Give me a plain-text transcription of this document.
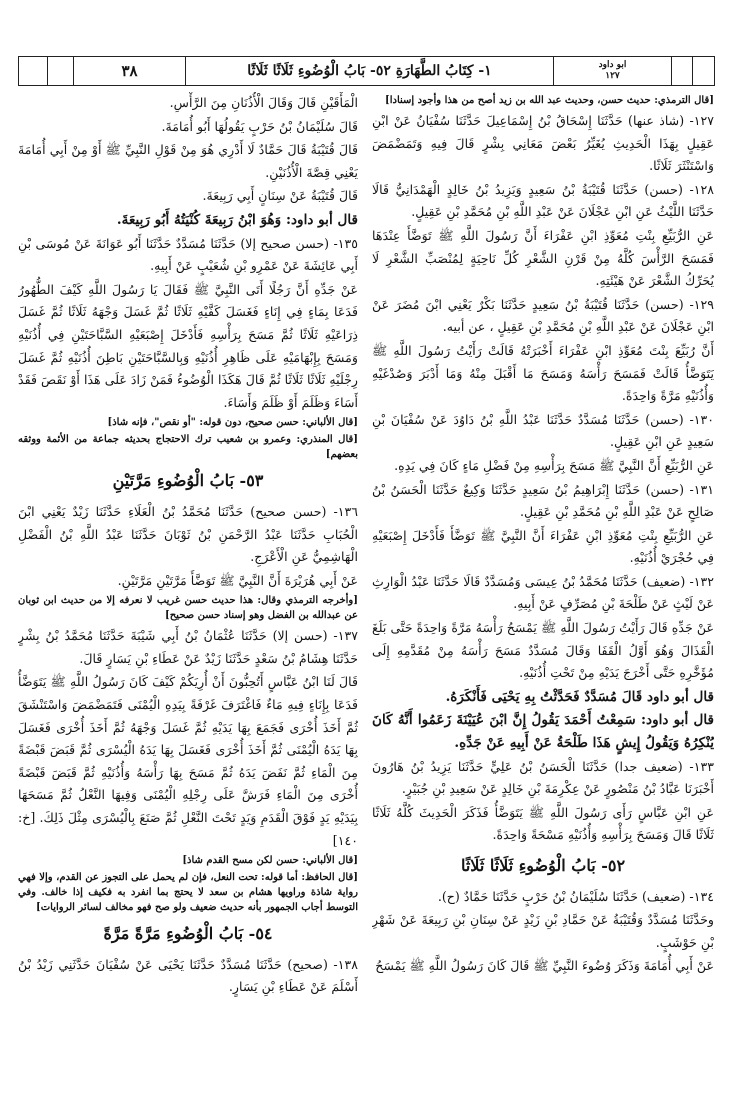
٣٨	١- كِتَابُ الطَّهَارَةِ ٥٢- بَابُ الْوُضُوءِ ثَلَاثًا ثَلَاثًا	ابو داود
١٢٧
[قال الترمذي: حديث حسن، وحديث عبد الله بن زيد أصح من هذا وأجود إسنادا]
١٢٧- (شاذ عنها) حَدَّثَنَا إِسْحَاقُ بْنُ إِسْمَاعِيلَ حَدَّثَنَا سُفْيَانُ عَنْ ابْنِ عَقِيلٍ بِهَذَا الْحَدِيثِ يُغَيِّرُ بَعْضَ مَعَانِي بِشْرٍ قَالَ فِيهِ وَتَمَضْمَضَ وَاسْتَنْثَرَ ثَلَاثًا.
١٢٨- (حسن) حَدَّثَنَا قُتَيْبَةُ بْنُ سَعِيدٍ وَيَزِيدُ بْنُ خَالِدٍ الْهَمْدَانِيُّ قَالَا حَدَّثَنَا اللَّيْثُ عَنِ ابْنِ عَجْلَانَ عَنْ عَبْدِ اللَّهِ بْنِ مُحَمَّدِ بْنِ عَقِيلٍ.
عَنِ الرُّبَيِّعِ بِنْتِ مُعَوِّذِ ابْنِ عَفْرَاءَ أَنَّ رَسُولَ اللَّهِ ﷺ تَوَضَّأَ عِنْدَهَا فَمَسَحَ الرَّأْسَ كُلَّهُ مِنْ قَرْنِ الشَّعْرِ كُلِّ نَاحِيَةٍ لِمُنْصَبِّ الشَّعْرِ لَا يُحَرِّكُ الشَّعْرَ عَنْ هَيْئَتِهِ.
١٢٩- (حسن) حَدَّثَنَا قُتَيْبَةُ بْنُ سَعِيدٍ حَدَّثَنَا بَكْرٌ يَعْنِي ابْنَ مُضَرَ عَنْ ابْنِ عَجْلَانَ عَنْ عَبْدِ اللَّهِ بْنِ مُحَمَّدِ بْنِ عَقِيلٍ ، عن أبيه.
أَنَّ رُبَيِّعَ بِنْتَ مُعَوِّذِ ابْنِ عَفْرَاءَ أَخْبَرَتْهُ قَالَتْ رَأَيْتُ رَسُولَ اللَّهِ ﷺ يَتَوَضَّأُ قَالَتْ فَمَسَحَ رَأْسَهُ وَمَسَحَ مَا أَقْبَلَ مِنْهُ وَمَا أَدْبَرَ وَصُدْغَيْهِ وَأُذُنَيْهِ مَرَّةً وَاحِدَةً.
١٣٠- (حسن) حَدَّثَنَا مُسَدَّدٌ حَدَّثَنَا عَبْدُ اللَّهِ بْنُ دَاوُدَ عَنْ سُفْيَانَ بْنِ سَعِيدٍ عَنِ ابْنِ عَقِيلٍ.
عَنِ الرُّبَيِّعِ أَنَّ النَّبِيَّ ﷺ مَسَحَ بِرَأْسِهِ مِنْ فَضْلِ مَاءٍ كَانَ فِي يَدِهِ.
١٣١- (حسن) حَدَّثَنَا إِبْرَاهِيمُ بْنُ سَعِيدٍ حَدَّثَنَا وَكِيعٌ حَدَّثَنَا الْحَسَنُ بْنُ صَالِحٍ عَنْ عَبْدِ اللَّهِ بْنِ مُحَمَّدِ بْنِ عَقِيلٍ.
عَنِ الرُّبَيِّعِ بِنْتِ مُعَوِّذِ ابْنِ عَفْرَاءَ أَنَّ النَّبِيَّ ﷺ تَوَضَّأَ فَأَدْخَلَ إِصْبَعَيْهِ فِي حُجْرَيْ أُذُنَيْهِ.
١٣٢- (ضعيف) حَدَّثَنَا مُحَمَّدُ بْنُ عِيسَى وَمُسَدَّدٌ قَالَا حَدَّثَنَا عَبْدُ الْوَارِثِ عَنْ لَيْثٍ عَنْ طَلْحَةَ بْنِ مُصَرِّفٍ عَنْ أَبِيهِ.
عَنْ جَدِّهِ قَالَ رَأَيْتُ رَسُولَ اللَّهِ ﷺ يَمْسَحُ رَأْسَهُ مَرَّةً وَاحِدَةً حَتَّى بَلَغَ الْقَذَالَ وَهُوَ أَوَّلُ الْقَفَا وَقَالَ مُسَدَّدٌ مَسَحَ رَأْسَهُ مِنْ مُقَدَّمِهِ إِلَى مُؤَخَّرِهِ حَتَّى أَخْرَجَ يَدَيْهِ مِنْ تَحْتِ أُذُنَيْهِ.
قال أبو داود قَالَ مُسَدَّدٌ فَحَدَّثْتُ بِهِ يَحْيَى فَأَنْكَرَهُ.
قال أبو داود: سَمِعْتُ أَحْمَدَ يَقُولُ إِنَّ ابْنَ عُيَيْنَةَ زَعَمُوا أَنَّهُ كَانَ يُنْكِرُهُ وَيَقُولُ إِيشٍ هَذَا طَلْحَةُ عَنْ أَبِيهِ عَنْ جَدِّهِ.
١٣٣- (ضعيف جدا) حَدَّثَنَا الْحَسَنُ بْنُ عَلِيٍّ حَدَّثَنَا يَزِيدُ بْنُ هَارُونَ أَخْبَرَنَا عَبَّادُ بْنُ مَنْصُورٍ عَنْ عِكْرِمَةَ بْنِ خَالِدٍ عَنْ سَعِيدِ بْنِ جُبَيْرٍ.
عَنِ ابْنِ عَبَّاسٍ رَأَى رَسُولَ اللَّهِ ﷺ يَتَوَضَّأُ فَذَكَرَ الْحَدِيثَ كُلَّهُ ثَلَاثًا ثَلَاثًا قَالَ وَمَسَحَ بِرَأْسِهِ وَأُذُنَيْهِ مَسْحَةً وَاحِدَةً.
٥٢- بَابُ الْوُضُوءِ ثَلَاثًا ثَلَاثًا
١٣٤- (ضعيف) حَدَّثَنَا سُلَيْمَانُ بْنُ حَرْبٍ حَدَّثَنَا حَمَّادٌ (ح).
وحَدَّثَنَا مُسَدَّدٌ وَقُتَيْبَةُ عَنْ حَمَّادِ بْنِ زَيْدٍ عَنْ سِنَانِ بْنِ رَبِيعَةَ عَنْ شَهْرِ بْنِ حَوْشَبٍ.
عَنْ أَبِي أُمَامَةَ وَذَكَرَ وُضُوءَ النَّبِيِّ ﷺ قَالَ كَانَ رَسُولُ اللَّهِ ﷺ يَمْسَحُ
الْمَأْقَيْنِ قَالَ وَقَالَ الْأُذُنَانِ مِنَ الرَّأْسِ.
قَالَ سُلَيْمَانُ بْنُ حَرْبٍ يَقُولُهَا أَبُو أُمَامَةَ.
قَالَ قُتَيْبَةُ قَالَ حَمَّادٌ لَا أَدْرِي هُوَ مِنْ قَوْلِ النَّبِيِّ ﷺ أَوْ مِنْ أَبِي أُمَامَةَ يَعْنِي قِصَّةَ الْأُذُنَيْنِ.
قَالَ قُتَيْبَةُ عَنْ سِنَانٍ أَبِي رَبِيعَةَ.
قال أبو داود: وَهُوَ ابْنُ رَبِيعَةَ كُنْيَتُهُ أَبُو رَبِيعَةَ.
١٣٥- (حسن صحيح إلا) حَدَّثَنَا مُسَدَّدٌ حَدَّثَنَا أَبُو عَوَانَةَ عَنْ مُوسَى بْنِ أَبِي عَائِشَةَ عَنْ عَمْرِو بْنِ شُعَيْبٍ عَنْ أَبِيهِ.
عَنْ جَدِّهِ أَنَّ رَجُلًا أَتَى النَّبِيَّ ﷺ فَقَالَ يَا رَسُولَ اللَّهِ كَيْفَ الطُّهُورُ فَدَعَا بِمَاءٍ فِي إِنَاءٍ فَغَسَلَ كَفَّيْهِ ثَلَاثًا ثُمَّ غَسَلَ وَجْهَهُ ثَلَاثًا ثُمَّ غَسَلَ ذِرَاعَيْهِ ثَلَاثًا ثُمَّ مَسَحَ بِرَأْسِهِ فَأَدْخَلَ إِصْبَعَيْهِ السَّبَّاحَتَيْنِ فِي أُذُنَيْهِ وَمَسَحَ بِإِبْهَامَيْهِ عَلَى ظَاهِرِ أُذُنَيْهِ وَبِالسَّبَّاحَتَيْنِ بَاطِنَ أُذُنَيْهِ ثُمَّ غَسَلَ رِجْلَيْهِ ثَلَاثًا ثَلَاثًا ثُمَّ قَالَ هَكَذَا الْوُضُوءُ فَمَنْ زَادَ عَلَى هَذَا أَوْ نَقَصَ فَقَدْ أَسَاءَ وَظَلَمَ أَوْ ظَلَمَ وَأَسَاءَ.
[قال الألباني: حسن صحيح، دون قوله: "أو نقص"، فإنه شاذ]
[قال المنذري: وعمرو بن شعيب ترك الاحتجاج بحديثه جماعة من الأئمة ووثقه بعضهم]
٥٣- بَابُ الْوُضُوءِ مَرَّتَيْنِ
١٣٦- (حسن صحيح) حَدَّثَنَا مُحَمَّدُ بْنُ الْعَلَاءِ حَدَّثَنَا زَيْدٌ يَعْنِي ابْنَ الْحُبَابِ حَدَّثَنَا عَبْدُ الرَّحْمَنِ بْنُ ثَوْبَانَ حَدَّثَنَا عَبْدُ اللَّهِ بْنُ الْفَضْلِ الْهَاشِمِيُّ عَنِ الْأَعْرَجِ.
عَنْ أَبِي هُرَيْرَةَ أَنَّ النَّبِيَّ ﷺ تَوَضَّأَ مَرَّتَيْنِ مَرَّتَيْنِ.
[وأخرجه الترمذي وقال: هذا حديث حسن غريب لا نعرفه إلا من حديث ابن ثوبان عن عبدالله بن الفضل وهو إسناد حسن صحيح]
١٣٧- (حسن إلا) حَدَّثَنَا عُثْمَانُ بْنُ أَبِي شَيْبَةَ حَدَّثَنَا مُحَمَّدُ بْنُ بِشْرٍ حَدَّثَنَا هِشَامُ بْنُ سَعْدٍ حَدَّثَنَا زَيْدٌ عَنْ عَطَاءِ بْنِ يَسَارٍ قَالَ.
قَالَ لَنَا ابْنُ عَبَّاسٍ أَتُحِبُّونَ أَنْ أُرِيَكُمْ كَيْفَ كَانَ رَسُولُ اللَّهِ ﷺ يَتَوَضَّأُ فَدَعَا بِإِنَاءٍ فِيهِ مَاءٌ فَاغْتَرَفَ غَرْفَةً بِيَدِهِ الْيُمْنَى فَتَمَضْمَضَ وَاسْتَنْشَقَ ثُمَّ أَخَذَ أُخْرَى فَجَمَعَ بِهَا يَدَيْهِ ثُمَّ غَسَلَ وَجْهَهُ ثُمَّ أَخَذَ أُخْرَى فَغَسَلَ بِهَا يَدَهُ الْيُمْنَى ثُمَّ أَخَذَ أُخْرَى فَغَسَلَ بِهَا يَدَهُ الْيُسْرَى ثُمَّ قَبَضَ قَبْضَةً مِنَ الْمَاءِ ثُمَّ نَفَضَ يَدَهُ ثُمَّ مَسَحَ بِهَا رَأْسَهُ وَأُذُنَيْهِ ثُمَّ قَبَضَ قَبْضَةً أُخْرَى مِنَ الْمَاءِ فَرَشَّ عَلَى رِجْلِهِ الْيُمْنَى وَفِيهَا النَّعْلُ ثُمَّ مَسَحَهَا بِيَدَيْهِ يَدٍ فَوْقَ الْقَدَمِ وَيَدٍ تَحْتَ النَّعْلِ ثُمَّ صَنَعَ بِالْيُسْرَى مِثْلَ ذَلِكَ. [خ: ١٤٠]
[قال الألباني: حسن لكن مسح القدم شاذ]
[قال الحافظ: أما قوله: تحت النعل، فإن لم يحمل على التجوز عن القدم، وإلا فهي رواية شاذة وراويها هشام بن سعد لا يحتج بما انفرد به فكيف إذا خالف. وفي التوسط أجاب الجمهور بأنه حديث ضعيف ولو صح فهو مخالف لسائر الروايات]
٥٤- بَابُ الْوُضُوءِ مَرَّةً مَرَّةً
١٣٨- (صحيح) حَدَّثَنَا مُسَدَّدٌ حَدَّثَنَا يَحْيَى عَنْ سُفْيَانَ حَدَّثَنِي زَيْدُ بْنُ أَسْلَمَ عَنْ عَطَاءِ بْنِ يَسَارٍ.
